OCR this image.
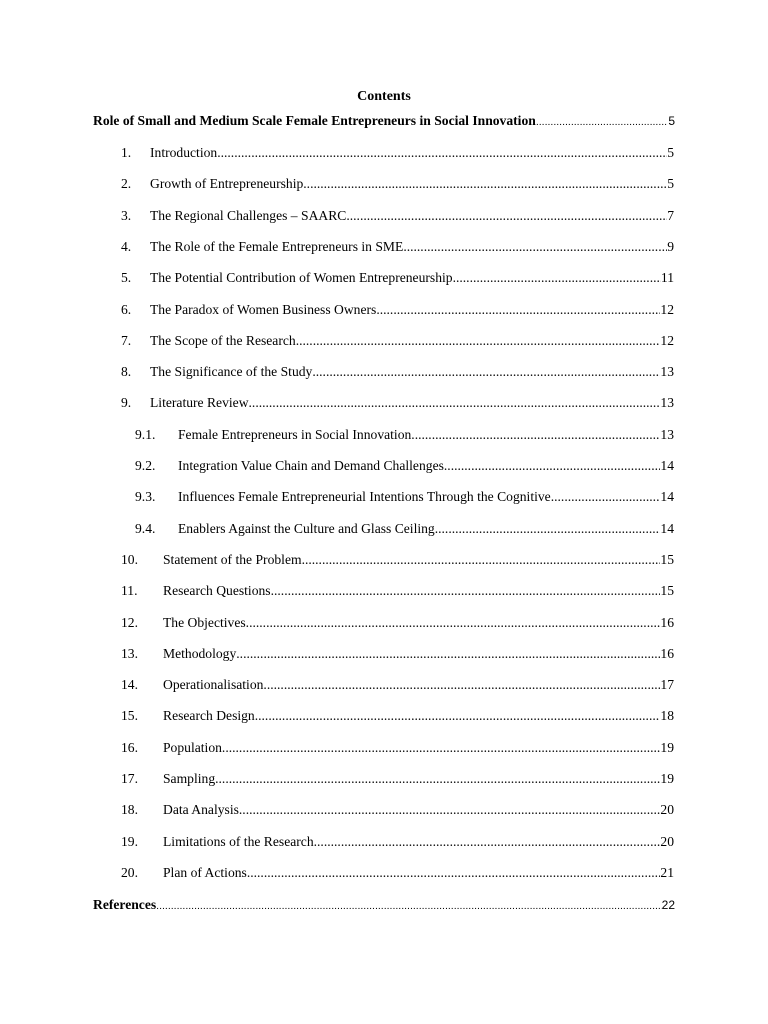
Contents
Role of Small and Medium Scale Female Entrepreneurs in Social Innovation .....	5
1.	Introduction .....	5
2.	Growth of Entrepreneurship .....	5
3.	The Regional Challenges – SAARC .....	7
4.	The Role of the Female Entrepreneurs in SME .....	9
5.	The Potential Contribution of Women Entrepreneurship .....	11
6.	The Paradox of Women Business Owners .....	12
7.	The Scope of the Research .....	12
8.	The Significance of the Study .....	13
9.	Literature Review .....	13
9.1.	Female Entrepreneurs in Social Innovation .....	13
9.2.	Integration Value Chain and Demand Challenges .....	14
9.3.	Influences Female Entrepreneurial Intentions Through the Cognitive .....	14
9.4.	Enablers Against the Culture and Glass Ceiling .....	14
10.	Statement of the Problem .....	15
11.	Research Questions .....	15
12.	The Objectives .....	16
13.	Methodology .....	16
14.	Operationalisation .....	17
15.	Research Design .....	18
16.	Population .....	19
17.	Sampling .....	19
18.	Data Analysis .....	20
19.	Limitations of the Research .....	20
20.	Plan of Actions .....	21
References .....	22
